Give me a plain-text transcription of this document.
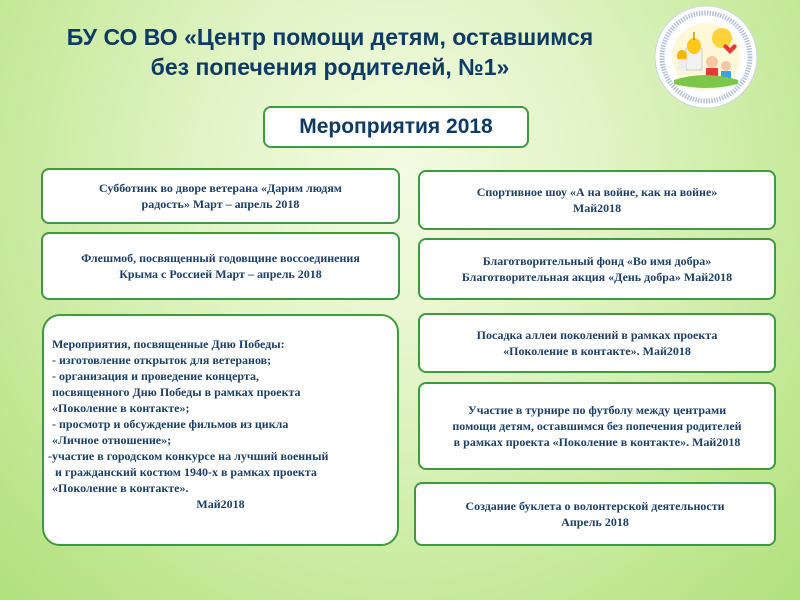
БУ СО ВО «Центр помощи детям, оставшимся
без попечения родителей, №1»
Мероприятия 2018
Субботник во дворе ветерана «Дарим людям
радость» Март – апрель 2018
Флешмоб, посвященный годовщине воссоединения
Крыма с Россией Март – апрель 2018
Мероприятия, посвященные Дню Победы:
- изготовление открыток для ветеранов;
- организация и проведение концерта,
посвященного Дню Победы в рамках проекта
«Поколение в контакте»;
- просмотр и обсуждение фильмов из цикла
«Личное отношение»;
-участие в городском конкурсе на лучший военный
и гражданский костюм 1940-х в рамках проекта
«Поколение в контакте».
Май2018
Спортивное шоу «А на войне, как на войне»
Май2018
Благотворительный фонд «Во имя добра»
Благотворительная акция «День добра» Май2018
Посадка аллеи поколений в рамках проекта
«Поколение в контакте». Май2018
Участие в турнире по футболу между центрами
помощи детям, оставшимся без попечения родителей
в рамках проекта «Поколение в контакте». Май2018
Создание буклета о волонтерской деятельности
Апрель 2018
